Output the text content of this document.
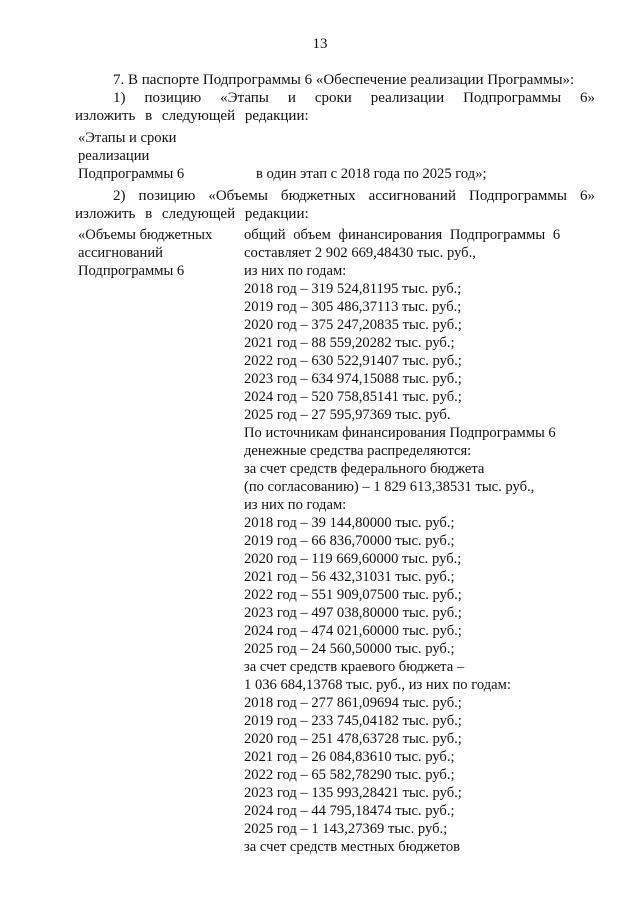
13

7. В паспорте Подпрограммы 6 «Обеспечение реализации Программы»:

1) позицию «Этапы и сроки реализации Подпрограммы 6» изложить в следующей редакции:

«Этапы и сроки
реализации
Подпрограммы 6	в один этап с 2018 года по 2025 год»;

2) позицию «Объемы бюджетных ассигнований Подпрограммы 6» изложить в следующей редакции:

«Объемы бюджетных
ассигнований
Подпрограммы 6
общий объем финансирования Подпрограммы 6
составляет 2 902 669,48430 тыс. руб.,
из них по годам:
2018 год – 319 524,81195 тыс. руб.;
2019 год – 305 486,37113 тыс. руб.;
2020 год – 375 247,20835 тыс. руб.;
2021 год – 88 559,20282 тыс. руб.;
2022 год – 630 522,91407 тыс. руб.;
2023 год – 634 974,15088 тыс. руб.;
2024 год – 520 758,85141 тыс. руб.;
2025 год – 27 595,97369 тыс. руб.
По источникам финансирования Подпрограммы 6
денежные средства распределяются:
за счет средств федерального бюджета
(по согласованию) – 1 829 613,38531 тыс. руб.,
из них по годам:
2018 год – 39 144,80000 тыс. руб.;
2019 год – 66 836,70000 тыс. руб.;
2020 год – 119 669,60000 тыс. руб.;
2021 год – 56 432,31031 тыс. руб.;
2022 год – 551 909,07500 тыс. руб.;
2023 год – 497 038,80000 тыс. руб.;
2024 год – 474 021,60000 тыс. руб.;
2025 год – 24 560,50000 тыс. руб.;
за счет средств краевого бюджета –
1 036 684,13768 тыс. руб., из них по годам:
2018 год – 277 861,09694 тыс. руб.;
2019 год – 233 745,04182 тыс. руб.;
2020 год – 251 478,63728 тыс. руб.;
2021 год – 26 084,83610 тыс. руб.;
2022 год – 65 582,78290 тыс. руб.;
2023 год – 135 993,28421 тыс. руб.;
2024 год – 44 795,18474 тыс. руб.;
2025 год – 1 143,27369 тыс. руб.;
за счет средств местных бюджетов
